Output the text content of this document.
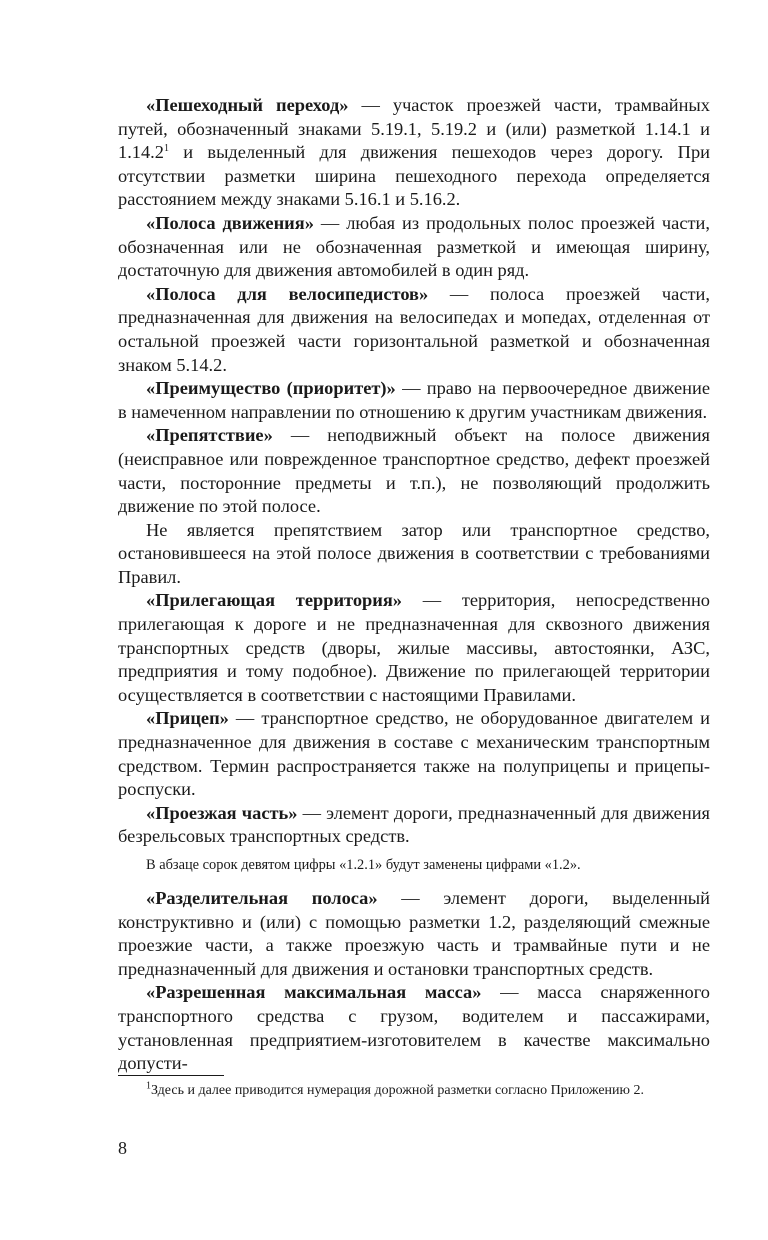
«Пешеходный переход» — участок проезжей части, трамвайных путей, обозначенный знаками 5.19.1, 5.19.2 и (или) разметкой 1.14.1 и 1.14.2$^1$ и выделенный для движения пешеходов через дорогу. При отсутствии разметки ширина пешеходного перехода определяется расстоянием между знаками 5.16.1 и 5.16.2.

«Полоса движения» — любая из продольных полос проезжей части, обозначенная или не обозначенная разметкой и имеющая ширину, достаточную для движения автомобилей в один ряд.

«Полоса для велосипедистов» — полоса проезжей части, предназначенная для движения на велосипедах и мопедах, отделенная от остальной проезжей части горизонтальной разметкой и обозначенная знаком 5.14.2.

«Преимущество (приоритет)» — право на первоочередное движение в намеченном направлении по отношению к другим участникам движения.

«Препятствие» — неподвижный объект на полосе движения (неисправное или поврежденное транспортное средство, дефект проезжей части, посторонние предметы и т.п.), не позволяющий продолжить движение по этой полосе.

Не является препятствием затор или транспортное средство, остановившееся на этой полосе движения в соответствии с требованиями Правил.

«Прилегающая территория» — территория, непосредственно прилегающая к дороге и не предназначенная для сквозного движения транспортных средств (дворы, жилые массивы, автостоянки, АЗС, предприятия и тому подобное). Движение по прилегающей территории осуществляется в соответствии с настоящими Правилами.

«Прицеп» — транспортное средство, не оборудованное двигателем и предназначенное для движения в составе с механическим транспортным средством. Термин распространяется также на полуприцепы и прицепы-роспуски.

«Проезжая часть» — элемент дороги, предназначенный для движения безрельсовых транспортных средств.

В абзаце сорок девятом цифры «1.2.1» будут заменены цифрами «1.2».

«Разделительная полоса» — элемент дороги, выделенный конструктивно и (или) с помощью разметки 1.2, разделяющий смежные проезжие части, а также проезжую часть и трамвайные пути и не предназначенный для движения и остановки транспортных средств.

«Разрешенная максимальная масса» — масса снаряженного транспортного средства с грузом, водителем и пассажирами, установленная предприятием-изготовителем в качестве максимально допусти-

$^1$Здесь и далее приводится нумерация дорожной разметки согласно Приложению 2.

8
